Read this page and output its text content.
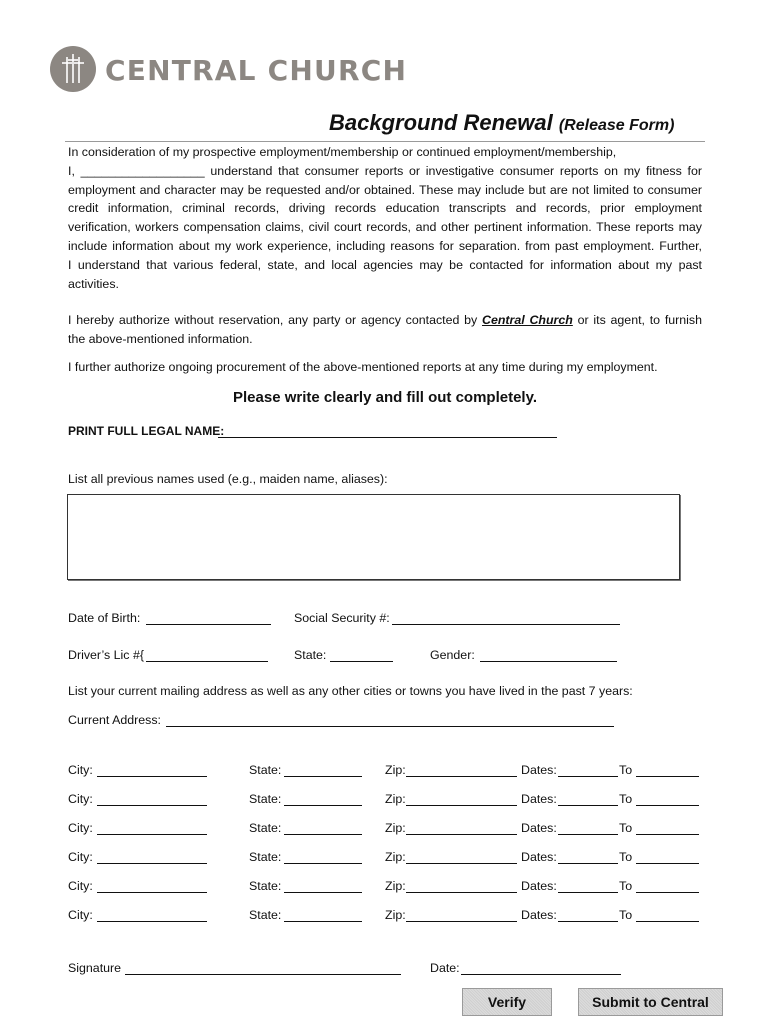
CENTRAL CHURCH
Background Renewal (Release Form)
In consideration of my prospective employment/membership or continued employment/membership,
I, __________________ understand that consumer reports or investigative consumer reports on my fitness for
employment and character may be requested and/or obtained. These may include but are not limited to consumer
credit information, criminal records, driving records education transcripts and records, prior employment
verification, workers compensation claims, civil court records, and other pertinent information. These reports may
include information about my work experience, including reasons for separation. from past employment. Further,
I understand that various federal, state, and local agencies may be contacted for information about my past
activities.
I hereby authorize without reservation, any party or agency contacted by Central Church or its agent, to furnish
the above-mentioned information.
I further authorize ongoing procurement of the above-mentioned reports at any time during my employment.
Please write clearly and fill out completely.
PRINT FULL LEGAL NAME:
List all previous names used (e.g., maiden name, aliases):
Date of Birth:	Social Security #:
Driver’s Lic #{	State:	Gender:
List your current mailing address as well as any other cities or towns you have lived in the past 7 years:
Current Address:
City:	State:	Zip:	Dates:	To
City:	State:	Zip:	Dates:	To
City:	State:	Zip:	Dates:	To
City:	State:	Zip:	Dates:	To
City:	State:	Zip:	Dates:	To
City:	State:	Zip:	Dates:	To
Signature	Date:
Verify	Submit to Central
